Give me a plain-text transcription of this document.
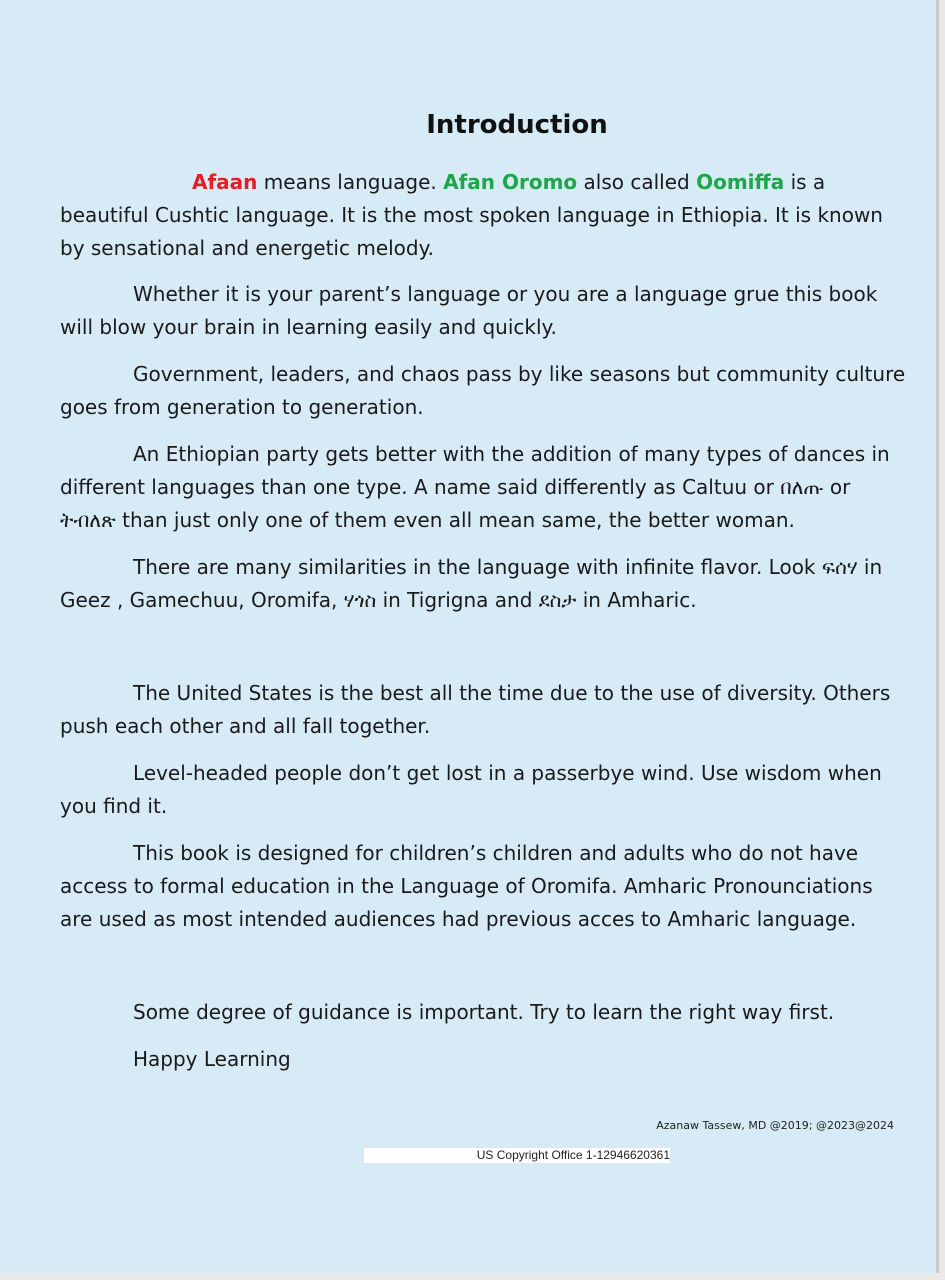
Introduction

Afaan means language. Afan Oromo also called Oomiffa is a beautiful Cushtic language. It is the most spoken language in Ethiopia. It is known by sensational and energetic melody.

Whether it is your parent’s language or you are a language grue this book will blow your brain in learning easily and quickly.

Government, leaders, and chaos pass by like seasons but community culture goes from generation to generation.

An Ethiopian party gets better with the addition of many types of dances in different languages than one type. A name said differently as Caltuu or በለጡ or ትብለጽ than just only one of them even all mean same, the better woman.

There are many similarities in the language with infinite flavor. Look ፍሰሃ in Geez , Gamechuu, Oromifa, ሃጎስ in Tigrigna and ደስታ in Amharic.

The United States is the best all the time due to the use of diversity. Others push each other and all fall together.

Level-headed people don’t get lost in a passerbye wind. Use wisdom when you find it.

This book is designed for children’s children and adults who do not have access to formal education in the Language of Oromifa. Amharic Pronounciations are used as most intended audiences had previous acces to Amharic language.

Some degree of guidance is important. Try to learn the right way first.

Happy Learning

Azanaw Tassew, MD @2019; @2023@2024
US Copyright Office 1-12946620361
